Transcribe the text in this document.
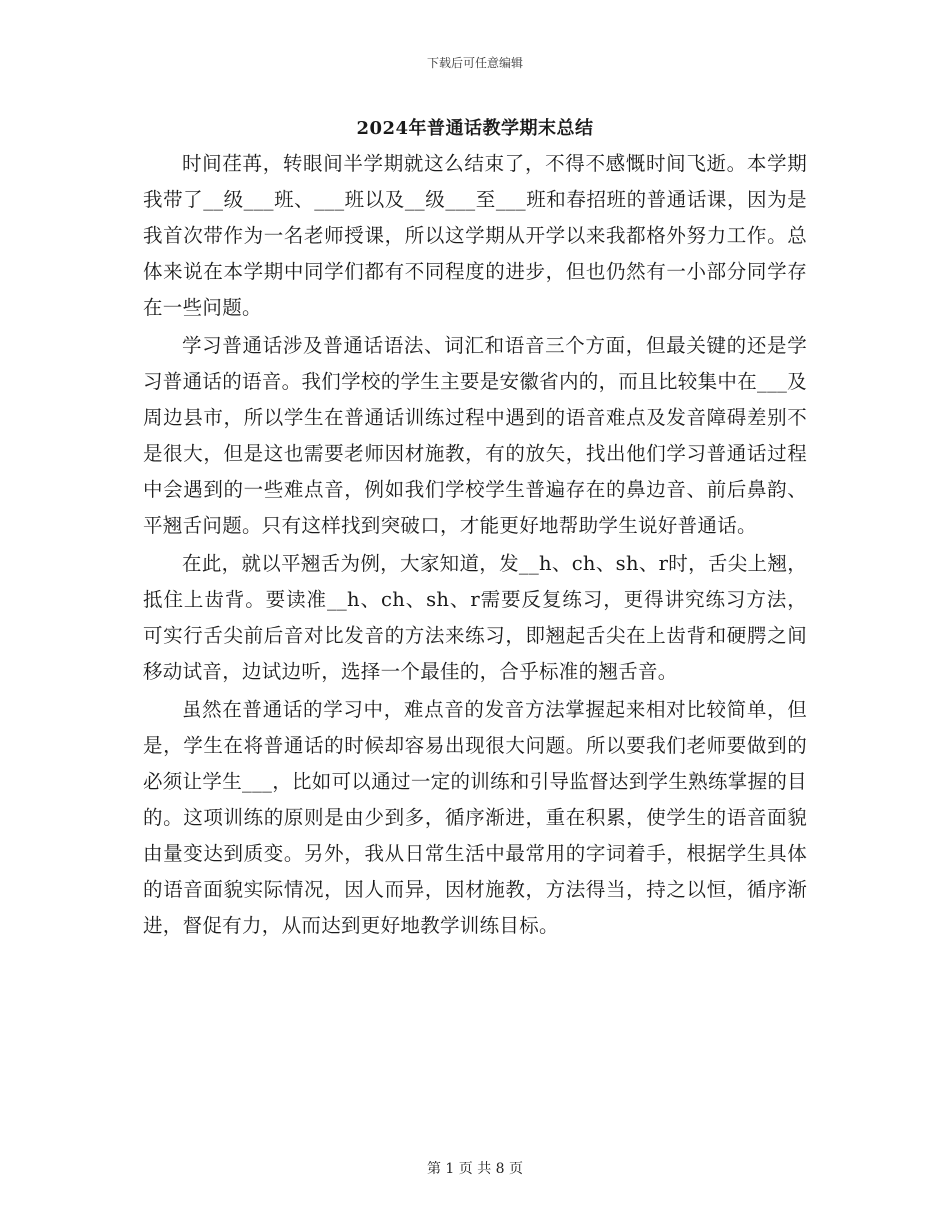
下载后可任意编辑
2024年普通话教学期末总结

时间荏苒，转眼间半学期就这么结束了，不得不感慨时间飞逝。本学期我带了__级___班、___班以及__级___至___班和春招班的普通话课，因为是我首次带作为一名老师授课，所以这学期从开学以来我都格外努力工作。总体来说在本学期中同学们都有不同程度的进步，但也仍然有一小部分同学存在一些问题。

学习普通话涉及普通话语法、词汇和语音三个方面，但最关键的还是学习普通话的语音。我们学校的学生主要是安徽省内的，而且比较集中在___及周边县市，所以学生在普通话训练过程中遇到的语音难点及发音障碍差别不是很大，但是这也需要老师因材施教，有的放矢，找出他们学习普通话过程中会遇到的一些难点音，例如我们学校学生普遍存在的鼻边音、前后鼻韵、平翘舌问题。只有这样找到突破口，才能更好地帮助学生说好普通话。

在此，就以平翘舌为例，大家知道，发__h、ch、sh、r时，舌尖上翘，抵住上齿背。要读准__h、ch、sh、r需要反复练习，更得讲究练习方法，可实行舌尖前后音对比发音的方法来练习，即翘起舌尖在上齿背和硬腭之间移动试音，边试边听，选择一个最佳的，合乎标准的翘舌音。

虽然在普通话的学习中，难点音的发音方法掌握起来相对比较简单，但是，学生在将普通话的时候却容易出现很大问题。所以要我们老师要做到的必须让学生___，比如可以通过一定的训练和引导监督达到学生熟练掌握的目的。这项训练的原则是由少到多，循序渐进，重在积累，使学生的语音面貌由量变达到质变。另外，我从日常生活中最常用的字词着手，根据学生具体的语音面貌实际情况，因人而异，因材施教，方法得当，持之以恒，循序渐进，督促有力，从而达到更好地教学训练目标。

第 1 页 共 8 页
